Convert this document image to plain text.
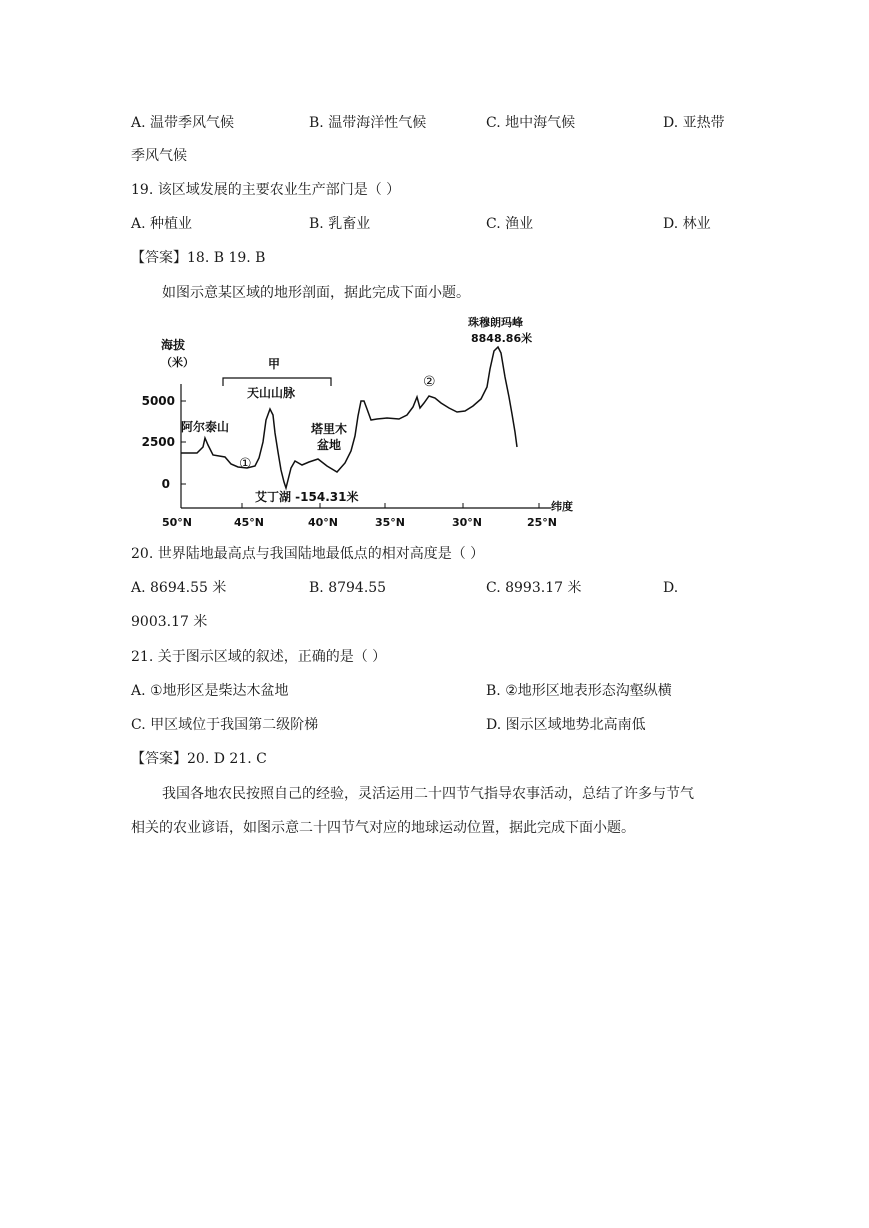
A. 温带季风气候	B. 温带海洋性气候	C. 地中海气候	D. 亚热带
季风气候
19. 该区域发展的主要农业生产部门是（ ）
A. 种植业	B. 乳畜业	C. 渔业	D. 林业
【答案】18. B 19. B
如图示意某区域的地形剖面，据此完成下面小题。
海拔
（米）
5000
2500
0
50°N	45°N	40°N	35°N	30°N	25°N
纬度
甲
天山山脉
阿尔泰山	塔里木
盆地
艾丁湖 -154.31米
珠穆朗玛峰
8848.86米
①
②
20. 世界陆地最高点与我国陆地最低点的相对高度是（ ）
A. 8694.55 米	B. 8794.55	C. 8993.17 米	D.
9003.17 米
21. 关于图示区域的叙述，正确的是（ ）
A. ①地形区是柴达木盆地	B. ②地形区地表形态沟壑纵横
C. 甲区域位于我国第二级阶梯	D. 图示区域地势北高南低
【答案】20. D 21. C
我国各地农民按照自己的经验，灵活运用二十四节气指导农事活动，总结了许多与节气
相关的农业谚语，如图示意二十四节气对应的地球运动位置，据此完成下面小题。
